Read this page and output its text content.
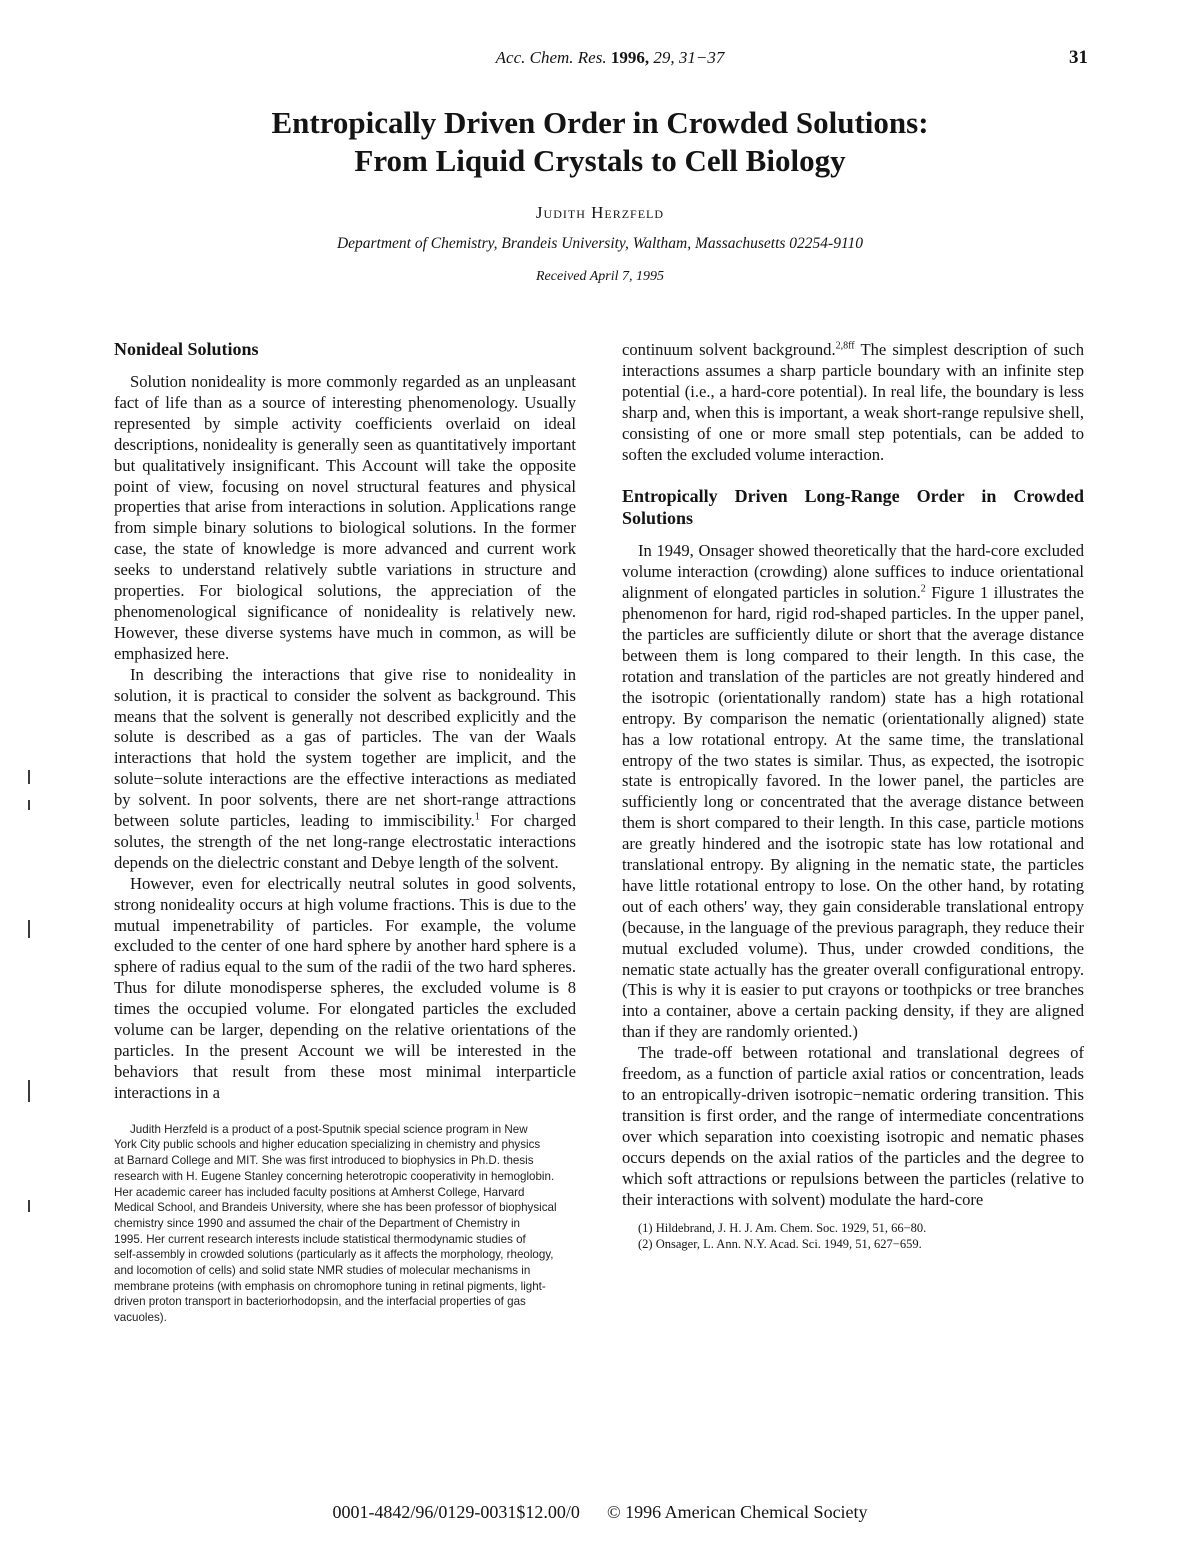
Acc. Chem. Res. 1996, 29, 31−37	31
Entropically Driven Order in Crowded Solutions:
From Liquid Crystals to Cell Biology
Judith Herzfeld
Department of Chemistry, Brandeis University, Waltham, Massachusetts 02254-9110
Received April 7, 1995
Nonideal Solutions

Solution nonideality is more commonly regarded as an unpleasant fact of life than as a source of interesting phenomenology. Usually represented by simple activity coefficients overlaid on ideal descriptions, nonideality is generally seen as quantitatively important but qualitatively insignificant. This Account will take the opposite point of view, focusing on novel structural features and physical properties that arise from interactions in solution. Applications range from simple binary solutions to biological solutions. In the former case, the state of knowledge is more advanced and current work seeks to understand relatively subtle variations in structure and properties. For biological solutions, the appreciation of the phenomenological significance of nonideality is relatively new. However, these diverse systems have much in common, as will be emphasized here.

In describing the interactions that give rise to nonideality in solution, it is practical to consider the solvent as background. This means that the solvent is generally not described explicitly and the solute is described as a gas of particles. The van der Waals interactions that hold the system together are implicit, and the solute−solute interactions are the effective interactions as mediated by solvent. In poor solvents, there are net short-range attractions between solute particles, leading to immiscibility.$^1$ For charged solutes, the strength of the net long-range electrostatic interactions depends on the dielectric constant and Debye length of the solvent.

However, even for electrically neutral solutes in good solvents, strong nonideality occurs at high volume fractions. This is due to the mutual impenetrability of particles. For example, the volume excluded to the center of one hard sphere by another hard sphere is a sphere of radius equal to the sum of the radii of the two hard spheres. Thus for dilute monodisperse spheres, the excluded volume is 8 times the occupied volume. For elongated particles the excluded volume can be larger, depending on the relative orientations of the particles. In the present Account we will be interested in the behaviors that result from these most minimal interparticle interactions in a

Judith Herzfeld is a product of a post-Sputnik special science program in New
York City public schools and higher education specializing in chemistry and physics
at Barnard College and MIT. She was first introduced to biophysics in Ph.D. thesis
research with H. Eugene Stanley concerning heterotropic cooperativity in hemoglobin.
Her academic career has included faculty positions at Amherst College, Harvard
Medical School, and Brandeis University, where she has been professor of biophysical
chemistry since 1990 and assumed the chair of the Department of Chemistry in
1995. Her current research interests include statistical thermodynamic studies of
self-assembly in crowded solutions (particularly as it affects the morphology, rheology,
and locomotion of cells) and solid state NMR studies of molecular mechanisms in
membrane proteins (with emphasis on chromophore tuning in retinal pigments, light-
driven proton transport in bacteriorhodopsin, and the interfacial properties of gas
vacuoles).

continuum solvent background.$^{2,8ff}$ The simplest description of such interactions assumes a sharp particle boundary with an infinite step potential (i.e., a hard-core potential). In real life, the boundary is less sharp and, when this is important, a weak short-range repulsive shell, consisting of one or more small step potentials, can be added to soften the excluded volume interaction.

Entropically Driven Long-Range Order in Crowded Solutions

In 1949, Onsager showed theoretically that the hard-core excluded volume interaction (crowding) alone suffices to induce orientational alignment of elongated particles in solution.$^2$ Figure 1 illustrates the phenomenon for hard, rigid rod-shaped particles. In the upper panel, the particles are sufficiently dilute or short that the average distance between them is long compared to their length. In this case, the rotation and translation of the particles are not greatly hindered and the isotropic (orientationally random) state has a high rotational entropy. By comparison the nematic (orientationally aligned) state has a low rotational entropy. At the same time, the translational entropy of the two states is similar. Thus, as expected, the isotropic state is entropically favored. In the lower panel, the particles are sufficiently long or concentrated that the average distance between them is short compared to their length. In this case, particle motions are greatly hindered and the isotropic state has low rotational and translational entropy. By aligning in the nematic state, the particles have little rotational entropy to lose. On the other hand, by rotating out of each others' way, they gain considerable translational entropy (because, in the language of the previous paragraph, they reduce their mutual excluded volume). Thus, under crowded conditions, the nematic state actually has the greater overall configurational entropy. (This is why it is easier to put crayons or toothpicks or tree branches into a container, above a certain packing density, if they are aligned than if they are randomly oriented.)

The trade-off between rotational and translational degrees of freedom, as a function of particle axial ratios or concentration, leads to an entropically-driven isotropic−nematic ordering transition. This transition is first order, and the range of intermediate concentrations over which separation into coexisting isotropic and nematic phases occurs depends on the axial ratios of the particles and the degree to which soft attractions or repulsions between the particles (relative to their interactions with solvent) modulate the hard-core

(1) Hildebrand, J. H. J. Am. Chem. Soc. 1929, 51, 66−80.
(2) Onsager, L. Ann. N.Y. Acad. Sci. 1949, 51, 627−659.
0001-4842/96/0129-0031$12.00/0 © 1996 American Chemical Society
